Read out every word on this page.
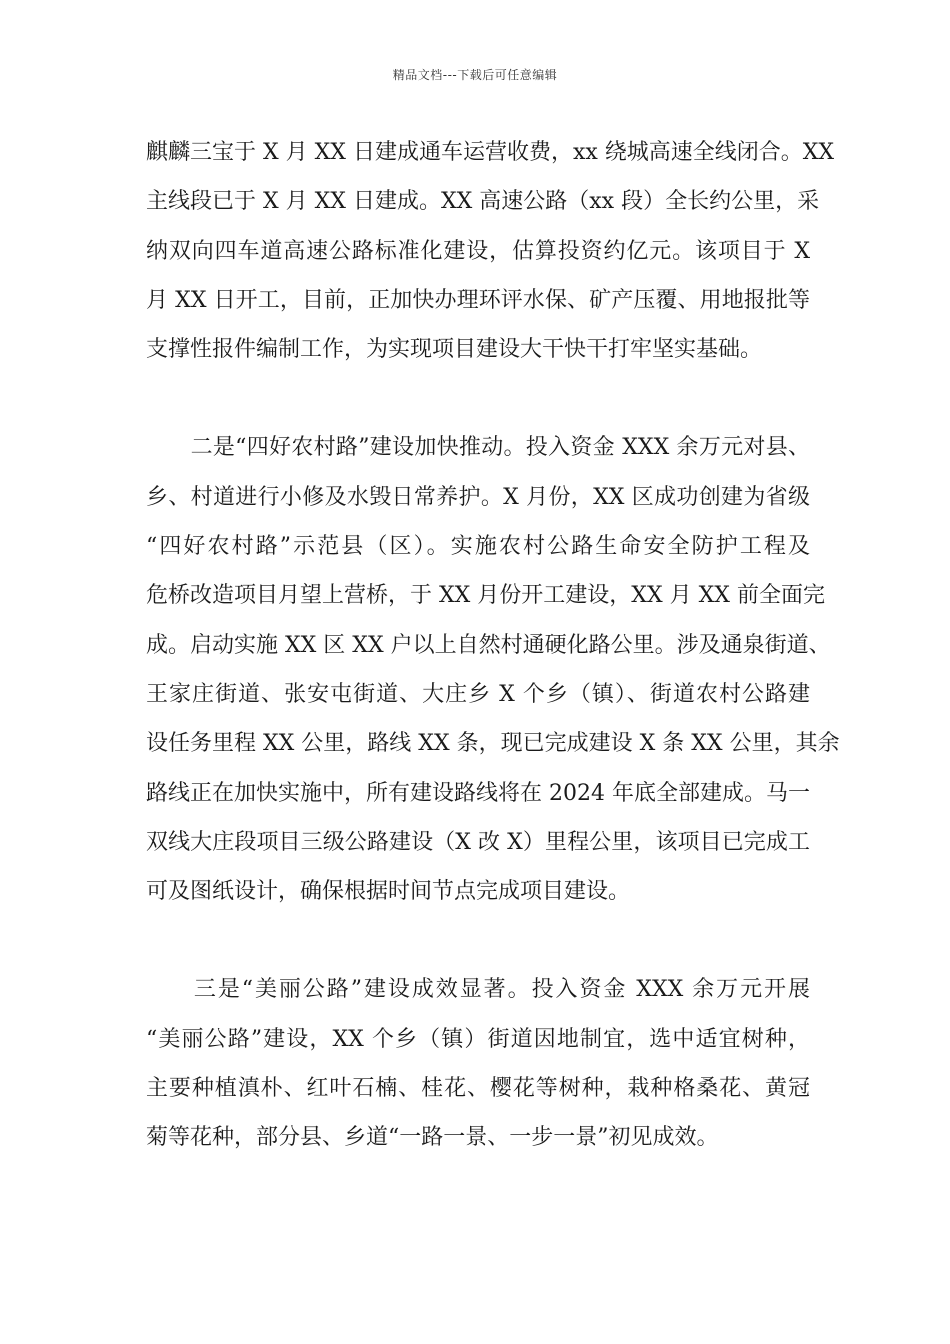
精品文档---下载后可任意编辑
麒麟三宝于 X 月 XX 日建成通车运营收费，xx 绕城高速全线闭合。XX
主线段已于 X 月 XX 日建成。XX 高速公路（xx 段）全长约公里，采
纳双向四车道高速公路标准化建设，估算投资约亿元。该项目于 X
月 XX 日开工，目前，正加快办理环评水保、矿产压覆、用地报批等
支撑性报件编制工作，为实现项目建设大干快干打牢坚实基础。
　　二是“四好农村路”建设加快推动。投入资金 XXX 余万元对县、
乡、村道进行小修及水毁日常养护。X 月份，XX 区成功创建为省级
“四好农村路”示范县（区）。实施农村公路生命安全防护工程及
危桥改造项目月望上营桥，于 XX 月份开工建设，XX 月 XX 前全面完
成。启动实施 XX 区 XX 户以上自然村通硬化路公里。涉及通泉街道、
王家庄街道、张安屯街道、大庄乡 X 个乡（镇）、街道农村公路建
设任务里程 XX 公里，路线 XX 条，现已完成建设 X 条 XX 公里，其余
路线正在加快实施中，所有建设路线将在 2024 年底全部建成。马一
双线大庄段项目三级公路建设（X 改 X）里程公里，该项目已完成工
可及图纸设计，确保根据时间节点完成项目建设。
　　三是“美丽公路”建设成效显著。投入资金 XXX 余万元开展
“美丽公路”建设，XX 个乡（镇）街道因地制宜，选中适宜树种，
主要种植滇朴、红叶石楠、桂花、樱花等树种，栽种格桑花、黄冠
菊等花种，部分县、乡道“一路一景、一步一景”初见成效。
